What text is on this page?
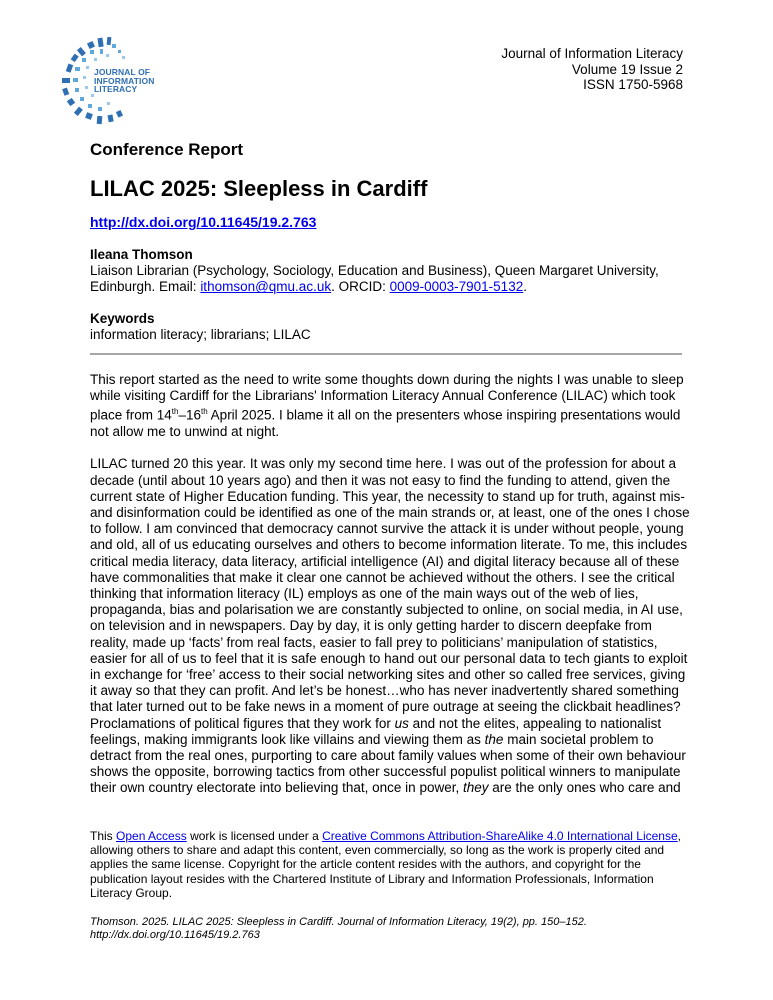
JOURNAL OF
INFORMATION
LITERACY
Journal of Information Literacy
Volume 19 Issue 2
ISSN 1750-5968
Conference Report
LILAC 2025: Sleepless in Cardiff
http://dx.doi.org/10.11645/19.2.763
Ileana Thomson
Liaison Librarian (Psychology, Sociology, Education and Business), Queen Margaret University, Edinburgh. Email: ithomson@qmu.ac.uk. ORCID: 0009-0003-7901-5132.
Keywords
information literacy; librarians; LILAC

This report started as the need to write some thoughts down during the nights I was unable to sleep while visiting Cardiff for the Librarians' Information Literacy Annual Conference (LILAC) which took place from 14th–16th April 2025. I blame it all on the presenters whose inspiring presentations would not allow me to unwind at night.

LILAC turned 20 this year. It was only my second time here. I was out of the profession for about a decade (until about 10 years ago) and then it was not easy to find the funding to attend, given the current state of Higher Education funding. This year, the necessity to stand up for truth, against mis- and disinformation could be identified as one of the main strands or, at least, one of the ones I chose to follow. I am convinced that democracy cannot survive the attack it is under without people, young and old, all of us educating ourselves and others to become information literate. To me, this includes critical media literacy, data literacy, artificial intelligence (AI) and digital literacy because all of these have commonalities that make it clear one cannot be achieved without the others. I see the critical thinking that information literacy (IL) employs as one of the main ways out of the web of lies, propaganda, bias and polarisation we are constantly subjected to online, on social media, in AI use, on television and in newspapers. Day by day, it is only getting harder to discern deepfake from reality, made up ‘facts’ from real facts, easier to fall prey to politicians’ manipulation of statistics, easier for all of us to feel that it is safe enough to hand out our personal data to tech giants to exploit in exchange for ‘free’ access to their social networking sites and other so called free services, giving it away so that they can profit. And let’s be honest…who has never inadvertently shared something that later turned out to be fake news in a moment of pure outrage at seeing the clickbait headlines? Proclamations of political figures that they work for us and not the elites, appealing to nationalist feelings, making immigrants look like villains and viewing them as the main societal problem to detract from the real ones, purporting to care about family values when some of their own behaviour shows the opposite, borrowing tactics from other successful populist political winners to manipulate their own country electorate into believing that, once in power, they are the only ones who care and

This Open Access work is licensed under a Creative Commons Attribution-ShareAlike 4.0 International License, allowing others to share and adapt this content, even commercially, so long as the work is properly cited and applies the same license. Copyright for the article content resides with the authors, and copyright for the publication layout resides with the Chartered Institute of Library and Information Professionals, Information Literacy Group.
Thomson. 2025. LILAC 2025: Sleepless in Cardiff. Journal of Information Literacy, 19(2), pp. 150–152.
http://dx.doi.org/10.11645/19.2.763
